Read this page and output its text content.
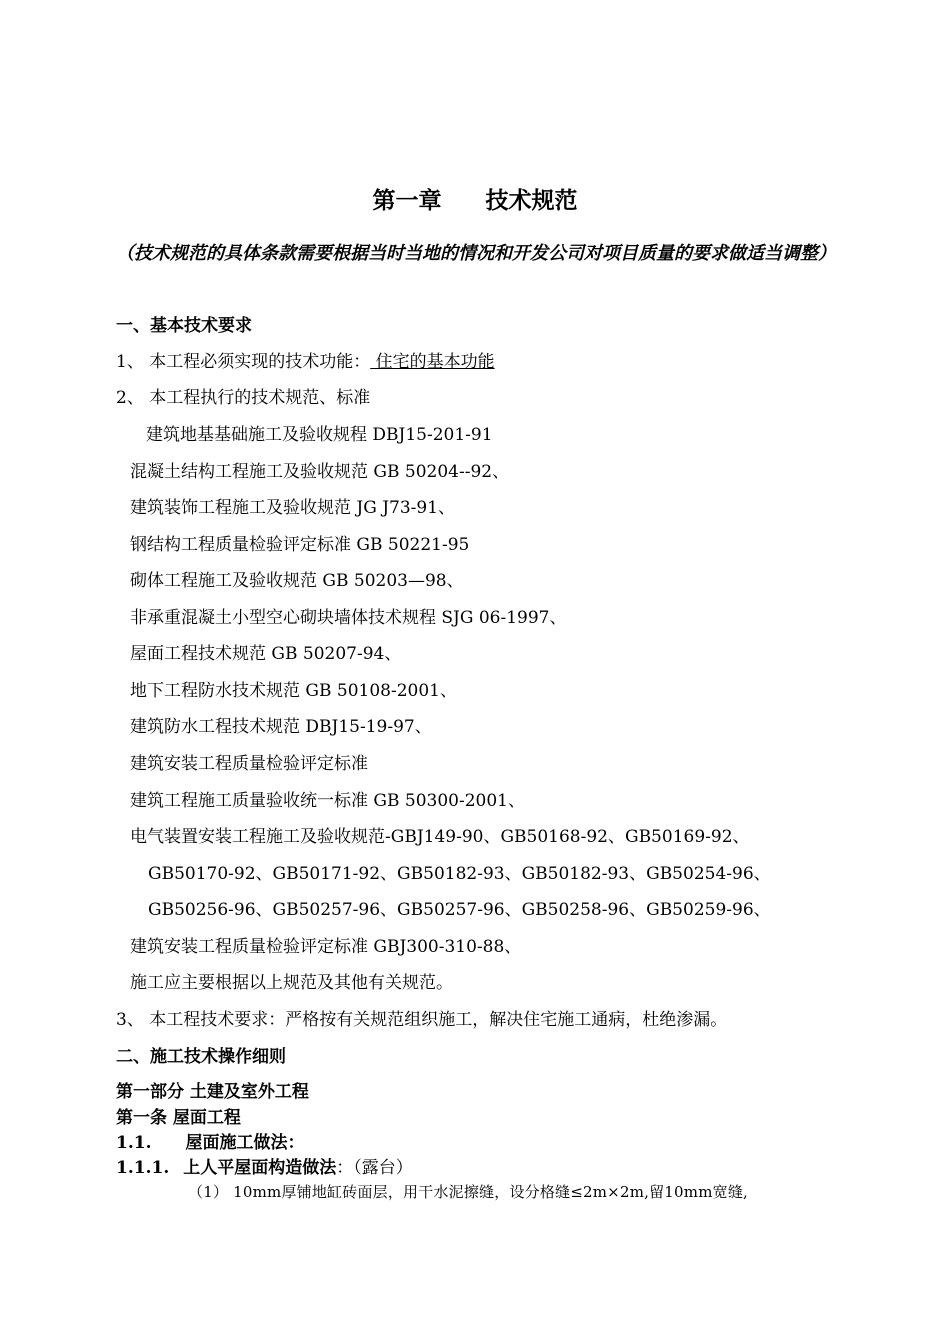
第一章 技术规范
（技术规范的具体条款需要根据当时当地的情况和开发公司对项目质量的要求做适当调整）
一、基本技术要求
1、 本工程必须实现的技术功能： 住宅的基本功能
2、 本工程执行的技术规范、标准
建筑地基基础施工及验收规程 DBJ15-201-91
混凝土结构工程施工及验收规范 GB 50204--92、
建筑装饰工程施工及验收规范 JG J73-91、
钢结构工程质量检验评定标准 GB 50221-95
砌体工程施工及验收规范 GB 50203—98、
非承重混凝土小型空心砌块墙体技术规程 SJG 06-1997、
屋面工程技术规范 GB 50207-94、
地下工程防水技术规范 GB 50108-2001、
建筑防水工程技术规范 DBJ15-19-97、
建筑安装工程质量检验评定标准
建筑工程施工质量验收统一标准 GB 50300-2001、
电气装置安装工程施工及验收规范-GBJ149-90、GB50168-92、GB50169-92、
GB50170-92、GB50171-92、GB50182-93、GB50182-93、GB50254-96、
GB50256-96、GB50257-96、GB50257-96、GB50258-96、GB50259-96、
建筑安装工程质量检验评定标准 GBJ300-310-88、
施工应主要根据以上规范及其他有关规范。
3、 本工程技术要求：严格按有关规范组织施工，解决住宅施工通病，杜绝渗漏。
二、施工技术操作细则
第一部分 土建及室外工程
第一条 屋面工程
1.1. 屋面施工做法：
1.1.1. 上人平屋面构造做法：（露台）
（1） 10mm厚铺地缸砖面层，用干水泥擦缝，设分格缝≤2m×2m,留10mm宽缝,
